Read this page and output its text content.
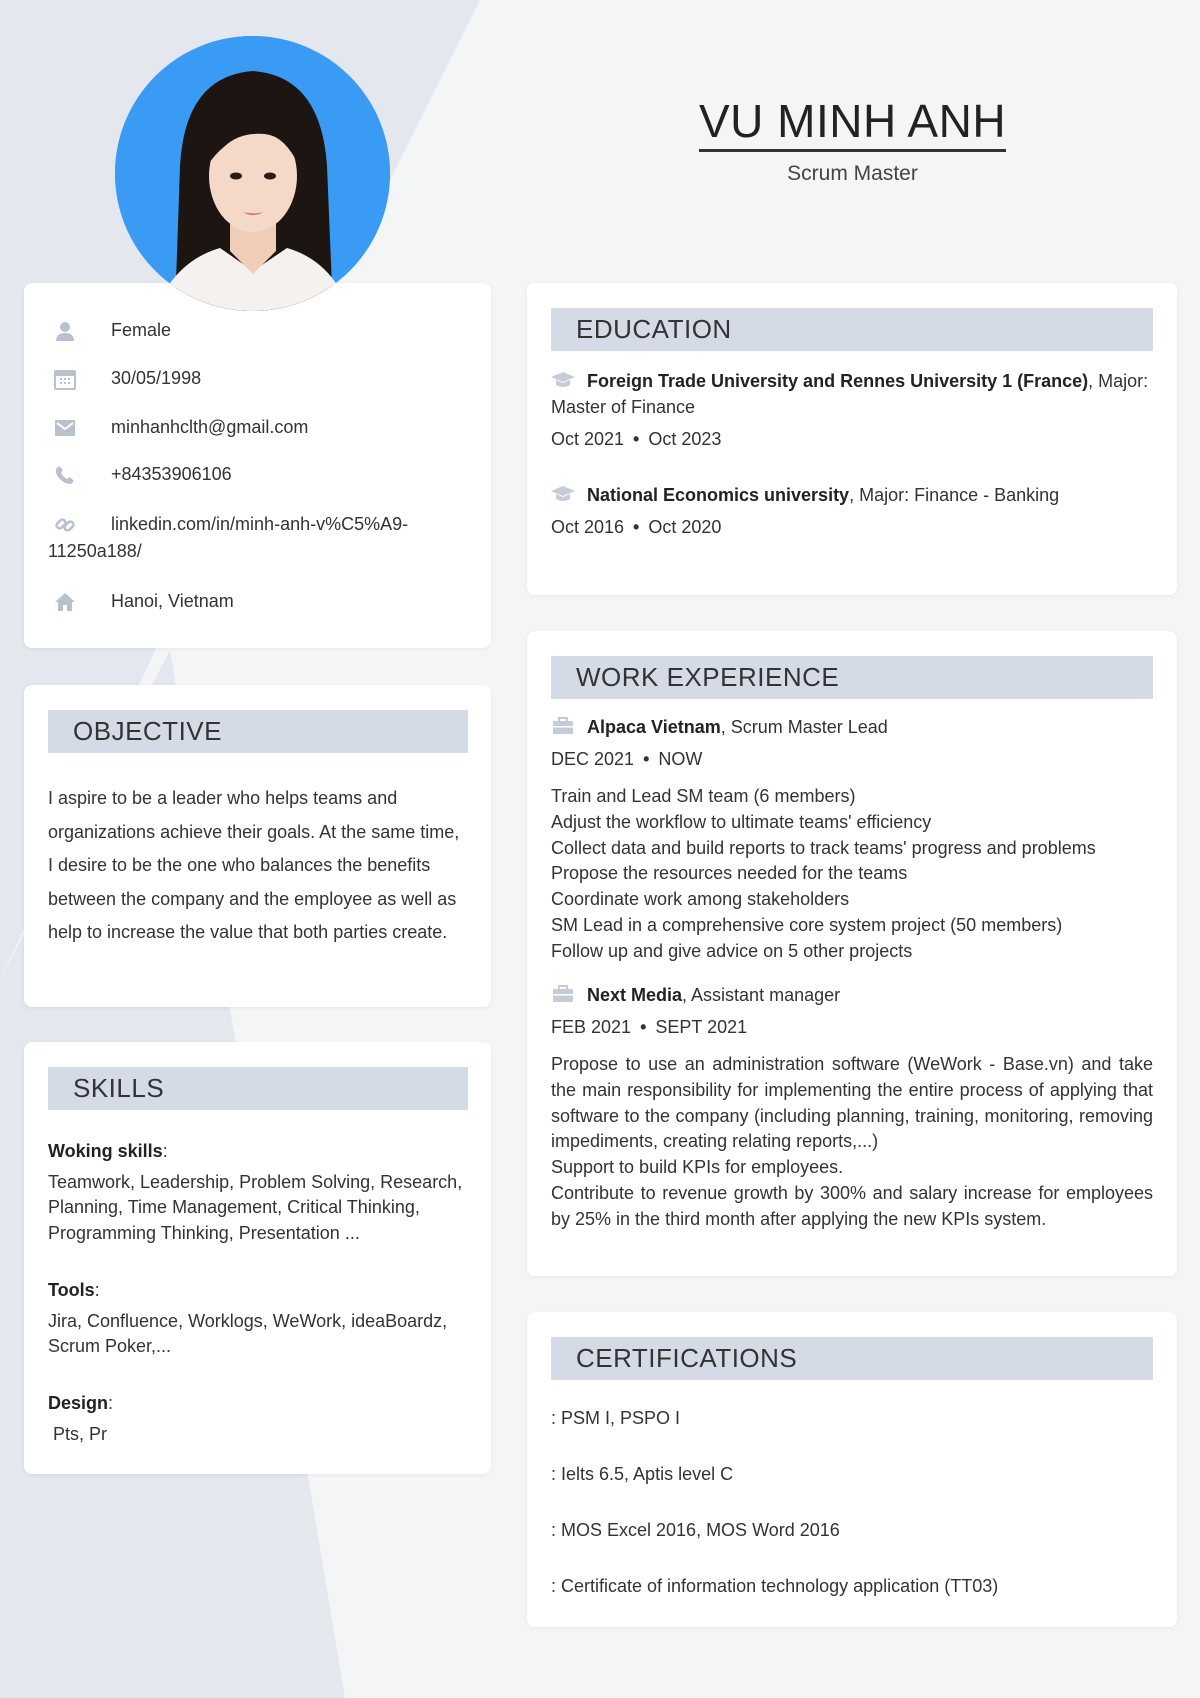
VU MINH ANH
Scrum Master
Female
30/05/1998
minhanhclth@gmail.com
+84353906106
linkedin.com/in/minh-anh-v%C5%A9-11250a188/
Hanoi, Vietnam
OBJECTIVE
I aspire to be a leader who helps teams and organizations achieve their goals. At the same time, I desire to be the one who balances the benefits between the company and the employee as well as help to increase the value that both parties create.
SKILLS
Woking skills:
Teamwork, Leadership, Problem Solving, Research, Planning, Time Management, Critical Thinking, Programming Thinking, Presentation ...
Tools:
Jira, Confluence, Worklogs, WeWork, ideaBoardz, Scrum Poker,...
Design:
Pts, Pr
EDUCATION
Foreign Trade University and Rennes University 1 (France), Major: Master of Finance
Oct 2021 • Oct 2023
National Economics university, Major: Finance - Banking
Oct 2016 • Oct 2020
WORK EXPERIENCE
Alpaca Vietnam, Scrum Master Lead
DEC 2021 • NOW
Train and Lead SM team (6 members)
Adjust the workflow to ultimate teams' efficiency
Collect data and build reports to track teams' progress and problems
Propose the resources needed for the teams
Coordinate work among stakeholders
SM Lead in a comprehensive core system project (50 members)
Follow up and give advice on 5 other projects
Next Media, Assistant manager
FEB 2021 • SEPT 2021
Propose to use an administration software (WeWork - Base.vn) and take the main responsibility for implementing the entire process of applying that software to the company (including planning, training, monitoring, removing impediments, creating relating reports,...)
Support to build KPIs for employees.
Contribute to revenue growth by 300% and salary increase for employees by 25% in the third month after applying the new KPIs system.
CERTIFICATIONS
: PSM I, PSPO I
: Ielts 6.5, Aptis level C
: MOS Excel 2016, MOS Word 2016
: Certificate of information technology application (TT03)
